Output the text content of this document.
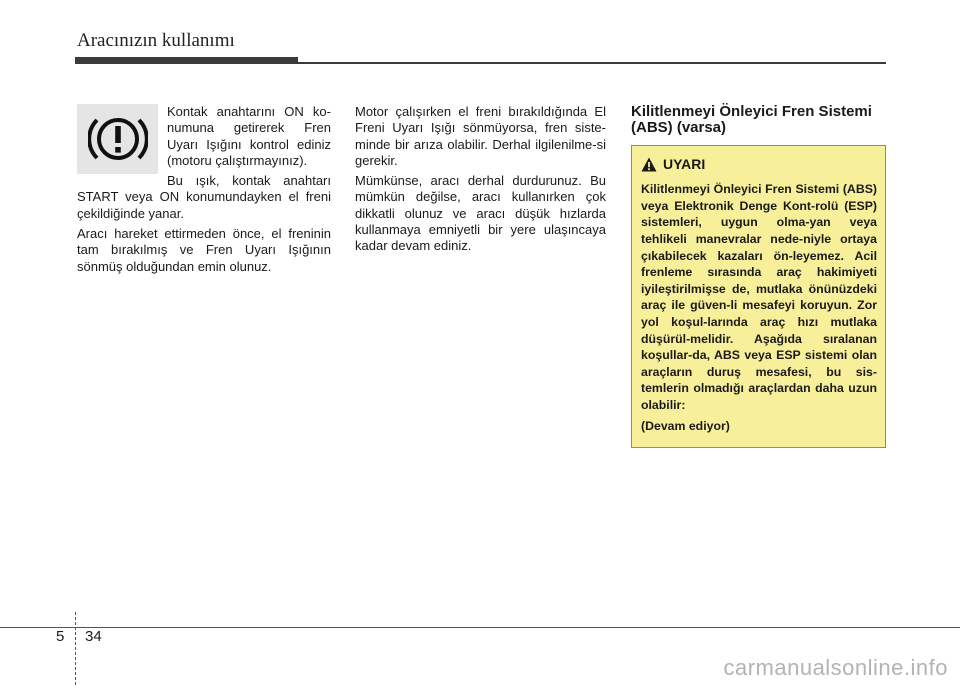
Aracınızın kullanımı

Kontak anahtarını ON ko-numuna getirerek Fren Uyarı Işığını kontrol ediniz (motoru çalıştırmayınız).

Bu ışık, kontak anahtarı START veya ON konumundayken el freni çekildiğinde yanar.

Aracı hareket ettirmeden önce, el freninin tam bırakılmış ve Fren Uyarı Işığının sönmüş olduğundan emin olunuz.

Motor çalışırken el freni bırakıldığında El Freni Uyarı Işığı sönmüyorsa, fren siste-minde bir arıza olabilir. Derhal ilgilenilme-si gerekir.

Mümkünse, aracı derhal durdurunuz. Bu mümkün değilse, aracı kullanırken çok dikkatli olunuz ve aracı düşük hızlarda kullanmaya emniyetli bir yere ulaşıncaya kadar devam ediniz.

Kilitlenmeyi Önleyici Fren Sistemi (ABS) (varsa)
UYARI

Kilitlenmeyi Önleyici Fren Sistemi (ABS) veya Elektronik Denge Kont-rolü (ESP) sistemleri, uygun olma-yan veya tehlikeli manevralar nede-niyle ortaya çıkabilecek kazaları ön-leyemez. Acil frenleme sırasında araç hakimiyeti iyileştirilmişse de, mutlaka önünüzdeki araç ile güven-li mesafeyi koruyun. Zor yol koşul-larında araç hızı mutlaka düşürül-melidir. Aşağıda sıralanan koşullar-da, ABS veya ESP sistemi olan araçların duruş mesafesi, bu sis-temlerin olmadığı araçlardan daha uzun olabilir:

(Devam ediyor)

5 34
carmanualsonline.info
